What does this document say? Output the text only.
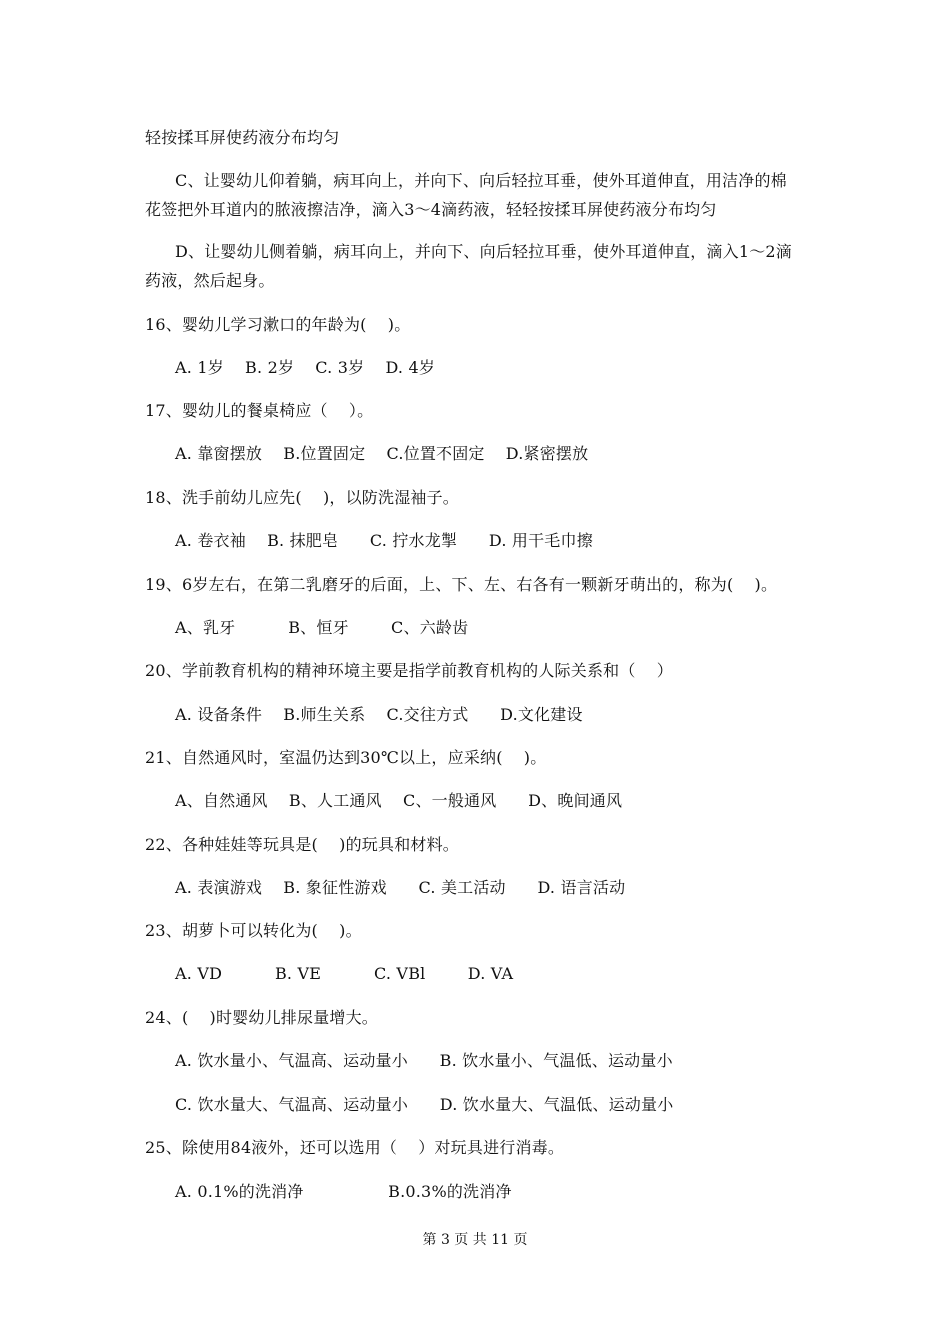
轻按揉耳屏使药液分布均匀
C、让婴幼儿仰着躺，病耳向上，并向下、向后轻拉耳垂，使外耳道伸直，用洁净的棉
花签把外耳道内的脓液擦洁净，滴入3～4滴药液，轻轻按揉耳屏使药液分布均匀
D、让婴幼儿侧着躺，病耳向上，并向下、向后轻拉耳垂，使外耳道伸直，滴入1～2滴
药液，然后起身。
16、婴幼儿学习漱口的年龄为(    )。
A. 1岁    B. 2岁    C. 3岁    D. 4岁
17、婴幼儿的餐桌椅应（    ）。
A. 靠窗摆放    B.位置固定    C.位置不固定    D.紧密摆放
18、洗手前幼儿应先(    )，以防洗湿袖子。
A. 卷衣袖    B. 抹肥皂      C. 拧水龙掣      D. 用干毛巾擦
19、6岁左右，在第二乳磨牙的后面，上、下、左、右各有一颗新牙萌出的，称为(    )。
A、乳牙          B、恒牙        C、六龄齿
20、学前教育机构的精神环境主要是指学前教育机构的人际关系和（    ）
A. 设备条件    B.师生关系    C.交往方式      D.文化建设
21、自然通风时，室温仍达到30℃以上，应采纳(    )。
A、自然通风    B、人工通风    C、一般通风      D、晚间通风
22、各种娃娃等玩具是(    )的玩具和材料。
A. 表演游戏    B. 象征性游戏      C. 美工活动      D. 语言活动
23、胡萝卜可以转化为(    )。
A. VD          B. VE          C. VBl        D. VA
24、(    )时婴幼儿排尿量增大。
A. 饮水量小、气温高、运动量小      B. 饮水量小、气温低、运动量小
C. 饮水量大、气温高、运动量小      D. 饮水量大、气温低、运动量小
25、除使用84液外，还可以选用（    ）对玩具进行消毒。
A. 0.1%的洗消净                B.0.3%的洗消净
第 3 页 共 11 页
